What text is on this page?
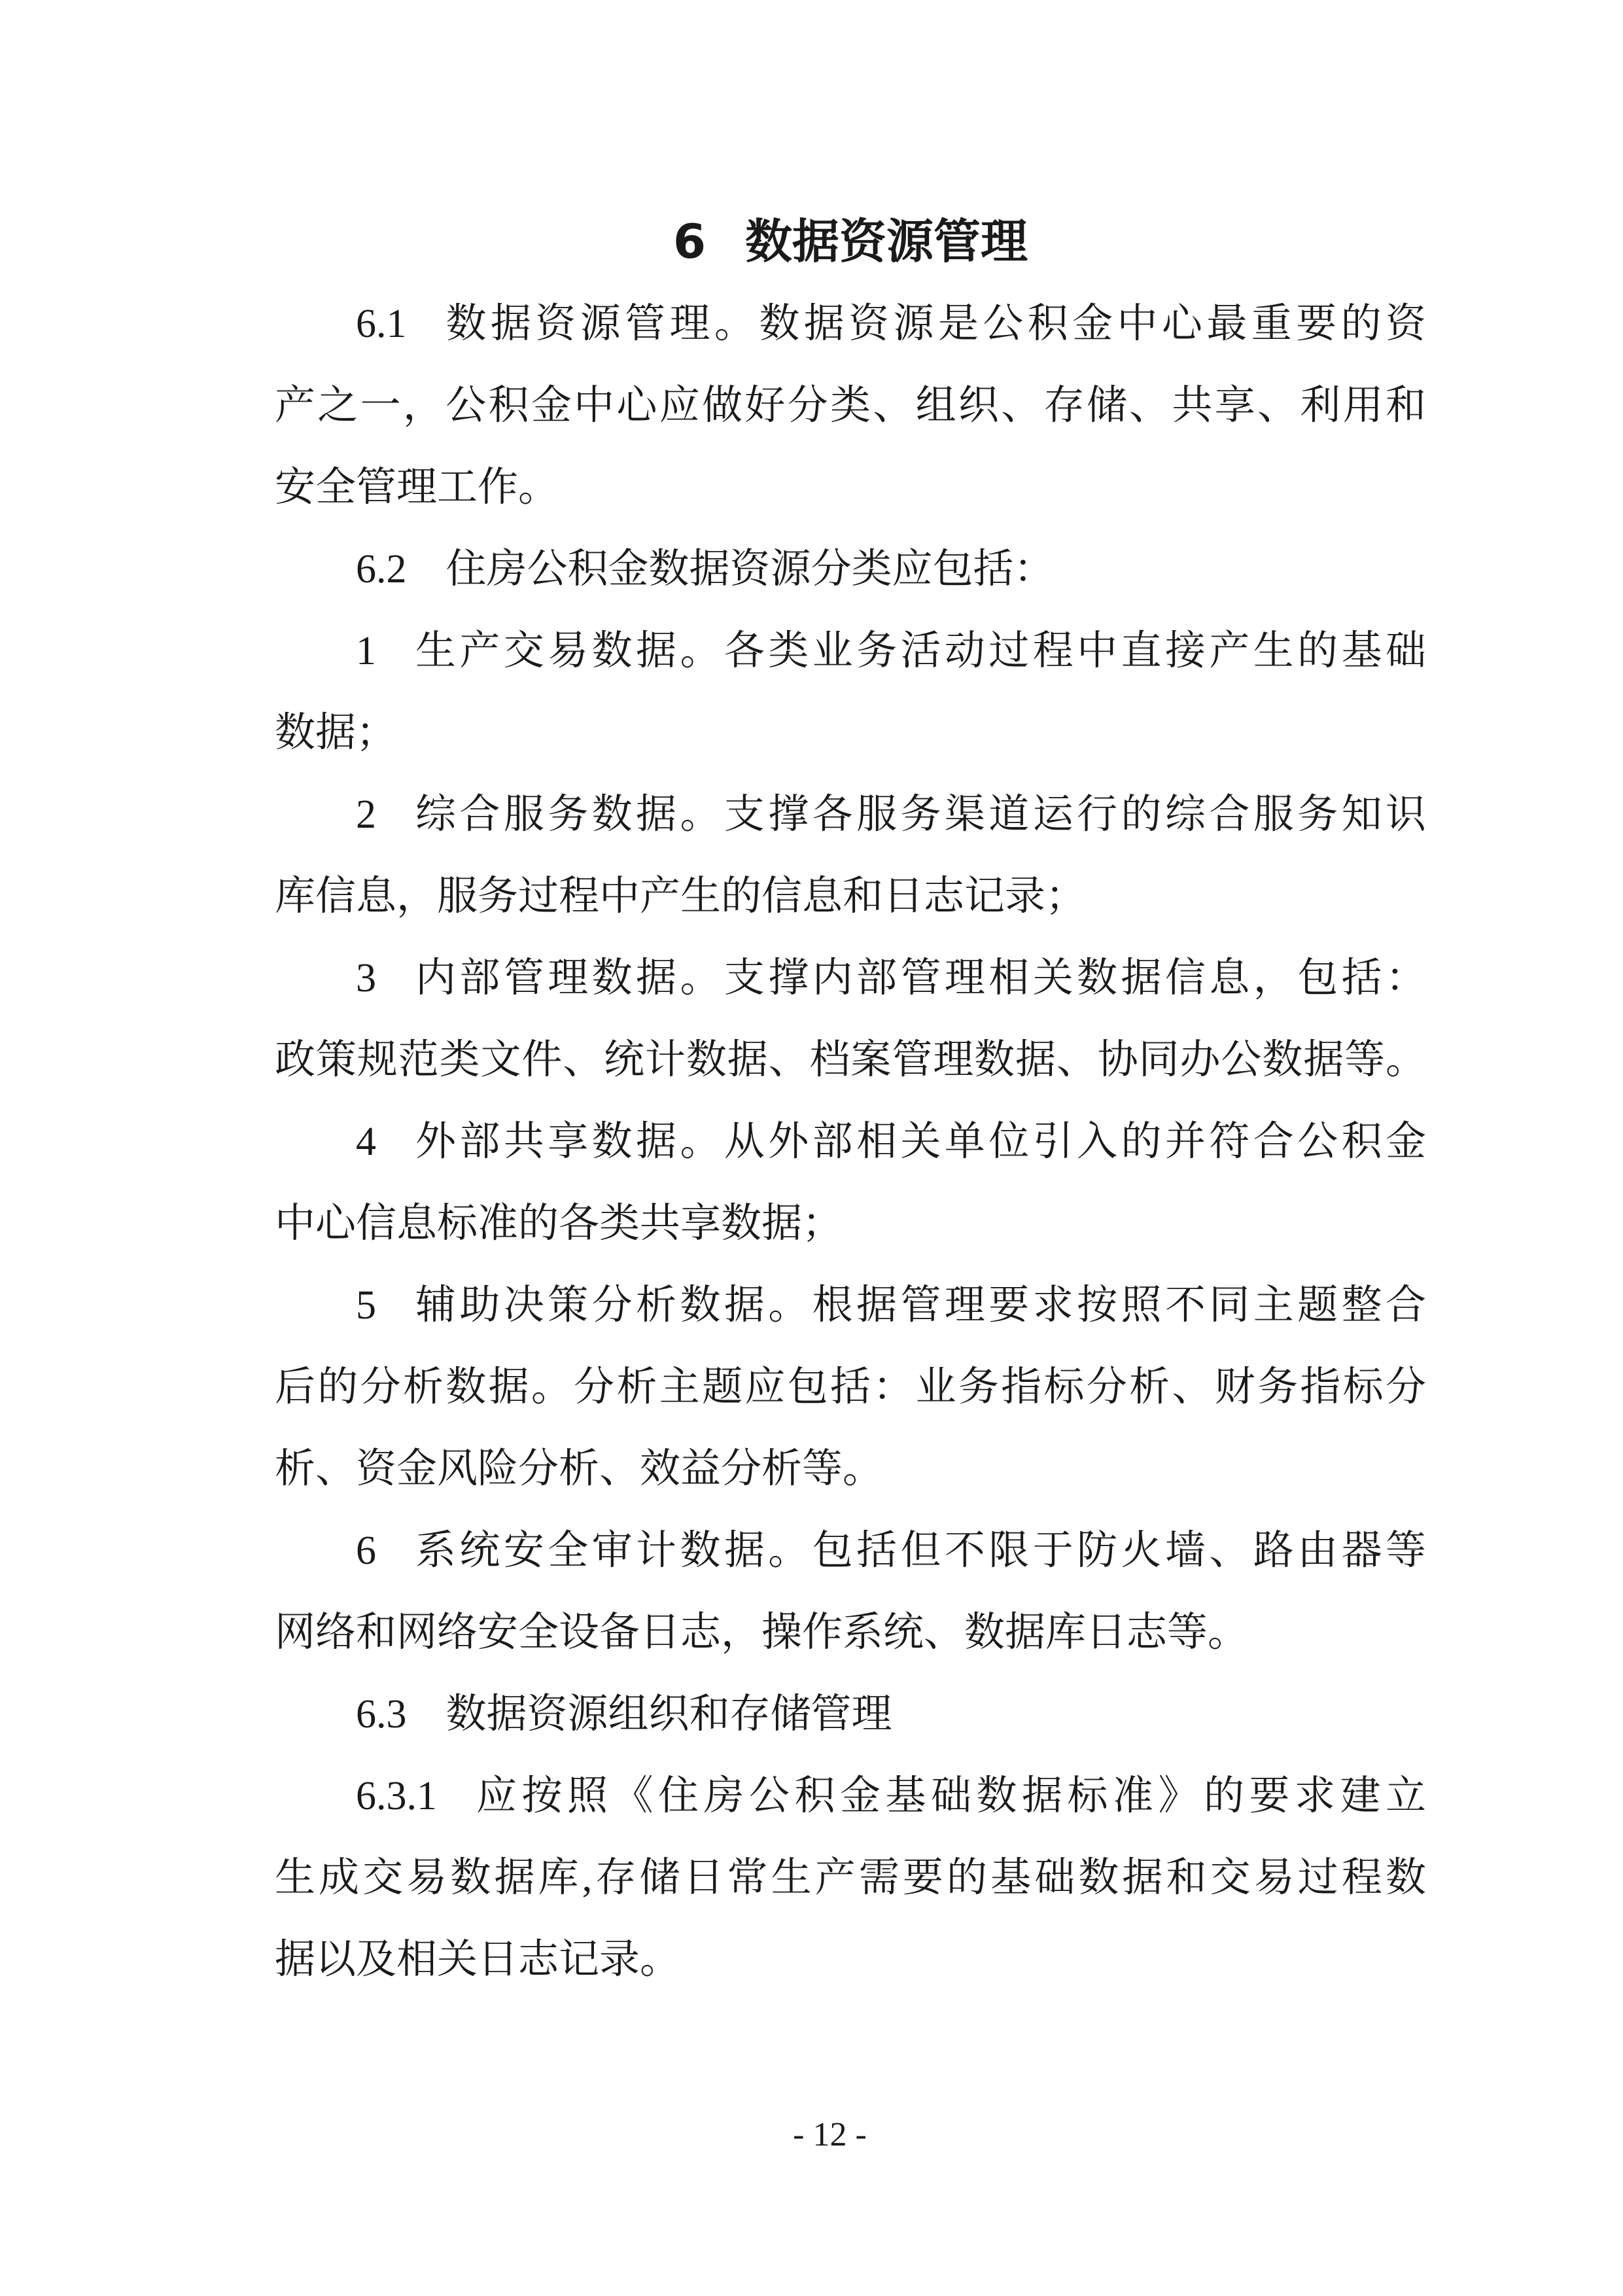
6 数据资源管理
6.1 数据资源管理。数据资源是公积金中心最重要的资
产之一，公积金中心应做好分类、组织、存储、共享、利用和
安全管理工作。
6.2 住房公积金数据资源分类应包括：
1 生产交易数据。各类业务活动过程中直接产生的基础
数据；
2 综合服务数据。支撑各服务渠道运行的综合服务知识
库信息，服务过程中产生的信息和日志记录；
3 内部管理数据。支撑内部管理相关数据信息，包括：
政策规范类文件、统计数据、档案管理数据、协同办公数据等。
4 外部共享数据。从外部相关单位引入的并符合公积金
中心信息标准的各类共享数据；
5 辅助决策分析数据。根据管理要求按照不同主题整合
后的分析数据。分析主题应包括：业务指标分析、财务指标分
析、资金风险分析、效益分析等。
6 系统安全审计数据。包括但不限于防火墙、路由器等
网络和网络安全设备日志，操作系统、数据库日志等。
6.3 数据资源组织和存储管理
6.3.1 应按照《住房公积金基础数据标准》的要求建立
生成交易数据库,存储日常生产需要的基础数据和交易过程数
据以及相关日志记录。
- 12 -
